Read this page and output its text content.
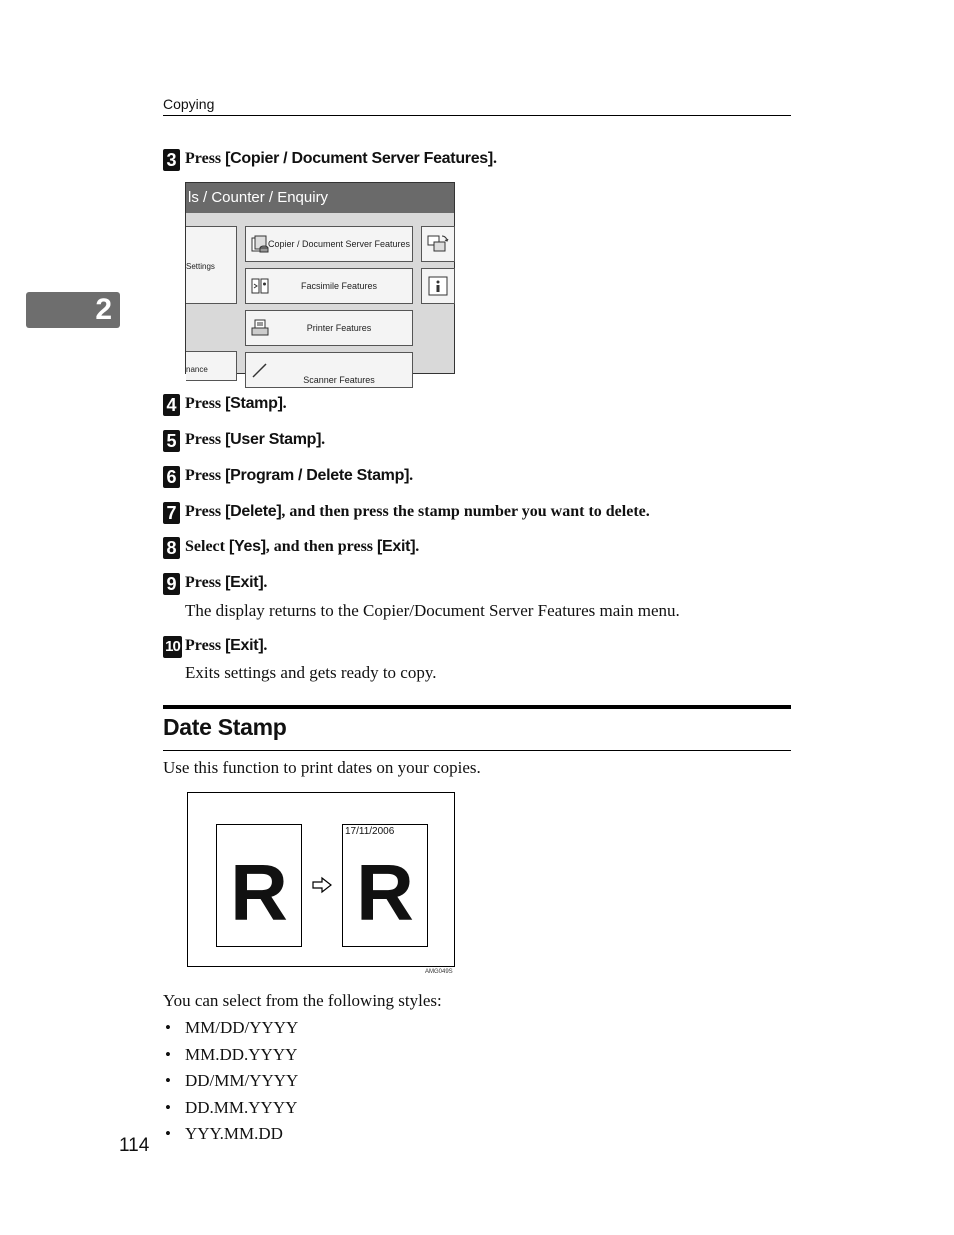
Copying
2
3 Press [Copier / Document Server Features].
ls / Counter / Enquiry
Settings
nance
Copier / Document Server Features
Facsimile Features
Printer Features
Scanner Features
4 Press [Stamp].
5 Press [User Stamp].
6 Press [Program / Delete Stamp].
7 Press [Delete], and then press the stamp number you want to delete.
8 Select [Yes], and then press [Exit].
9 Press [Exit].
The display returns to the Copier/Document Server Features main menu.
10 Press [Exit].
Exits settings and gets ready to copy.
Date Stamp
Use this function to print dates on your copies.
R
17/11/2006
R
AMG049S
You can select from the following styles:
• MM/DD/YYYY
• MM.DD.YYYY
• DD/MM/YYYY
• DD.MM.YYYY
• YYY.MM.DD
114
